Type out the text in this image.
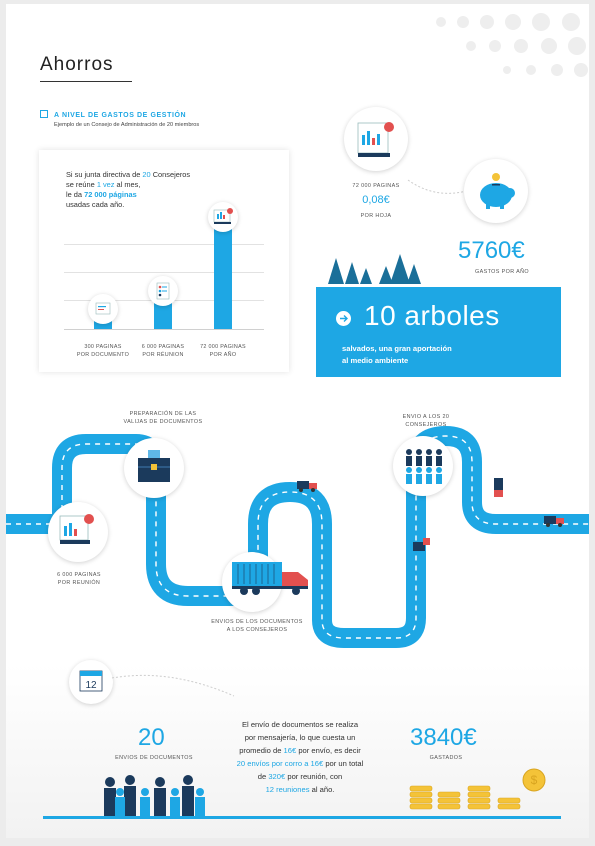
Ahorros
A NIVEL DE GASTOS DE GESTIÓN
Ejemplo de un Consejo de Administración de 20 miembros
Si su junta directiva de 20 Consejeros
se reúne 1 vez al mes,
le da 72 000 páginas
usadas cada año.
300 PAGINAS
POR DOCUMENTO
6 000 PAGINAS
POR RÉUNION
72 000 PAGINAS
POR AÑO
72 000 PAGINAS
0,08€
POR HOJA
5760€
GASTOS POR AÑO
10 arboles
salvados, una gran aportación
al medio ambiente
PREPARACIÓN DE LAS
VALIJAS DE DOCUMENTOS
ENVIO A LOS 20
CONSEJEROS
6 000 PAGINAS
POR REUNIÓN
ENVIOS DE LOS DOCUMENTOS
A LOS CONSEJEROS
12
20
ENVIOS DE DOCUMENTOS
El envío de documentos se realiza
por mensajería, lo que cuesta un
promedio de 16€ por envío, es decir
20 envíos por corro a 16€ por un total
de 320€ por reunión, con
12 reuniones al año.
3840€
GASTADOS
$
